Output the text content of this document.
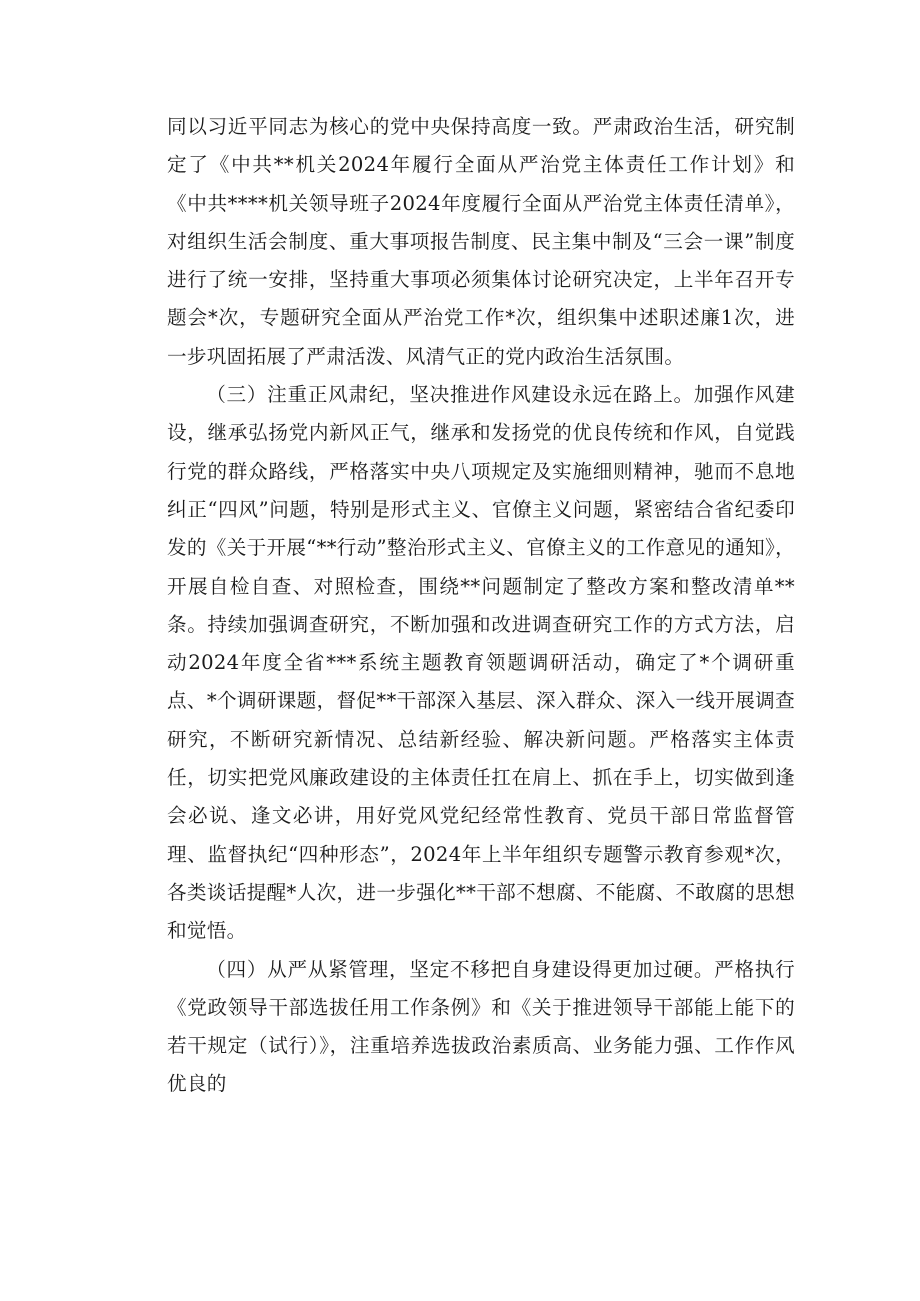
同以习近平同志为核心的党中央保持高度一致。严肃政治生活，研究制定了《中共**机关2024年履行全面从严治党主体责任工作计划》和《中共****机关领导班子2024年度履行全面从严治党主体责任清单》，对组织生活会制度、重大事项报告制度、民主集中制及“三会一课”制度进行了统一安排，坚持重大事项必须集体讨论研究决定，上半年召开专题会*次，专题研究全面从严治党工作*次，组织集中述职述廉1次，进一步巩固拓展了严肃活泼、风清气正的党内政治生活氛围。

（三）注重正风肃纪，坚决推进作风建设永远在路上。加强作风建设，继承弘扬党内新风正气，继承和发扬党的优良传统和作风，自觉践行党的群众路线，严格落实中央八项规定及实施细则精神，驰而不息地纠正“四风”问题，特别是形式主义、官僚主义问题，紧密结合省纪委印发的《关于开展“**行动”整治形式主义、官僚主义的工作意见的通知》，开展自检自查、对照检查，围绕**问题制定了整改方案和整改清单**条。持续加强调查研究，不断加强和改进调查研究工作的方式方法，启动2024年度全省***系统主题教育领题调研活动，确定了*个调研重点、*个调研课题，督促**干部深入基层、深入群众、深入一线开展调查研究，不断研究新情况、总结新经验、解决新问题。严格落实主体责任，切实把党风廉政建设的主体责任扛在肩上、抓在手上，切实做到逢会必说、逢文必讲，用好党风党纪经常性教育、党员干部日常监督管理、监督执纪“四种形态”，2024年上半年组织专题警示教育参观*次，各类谈话提醒*人次，进一步强化**干部不想腐、不能腐、不敢腐的思想和觉悟。

（四）从严从紧管理，坚定不移把自身建设得更加过硬。严格执行《党政领导干部选拔任用工作条例》和《关于推进领导干部能上能下的若干规定（试行）》，注重培养选拔政治素质高、业务能力强、工作作风优良的
